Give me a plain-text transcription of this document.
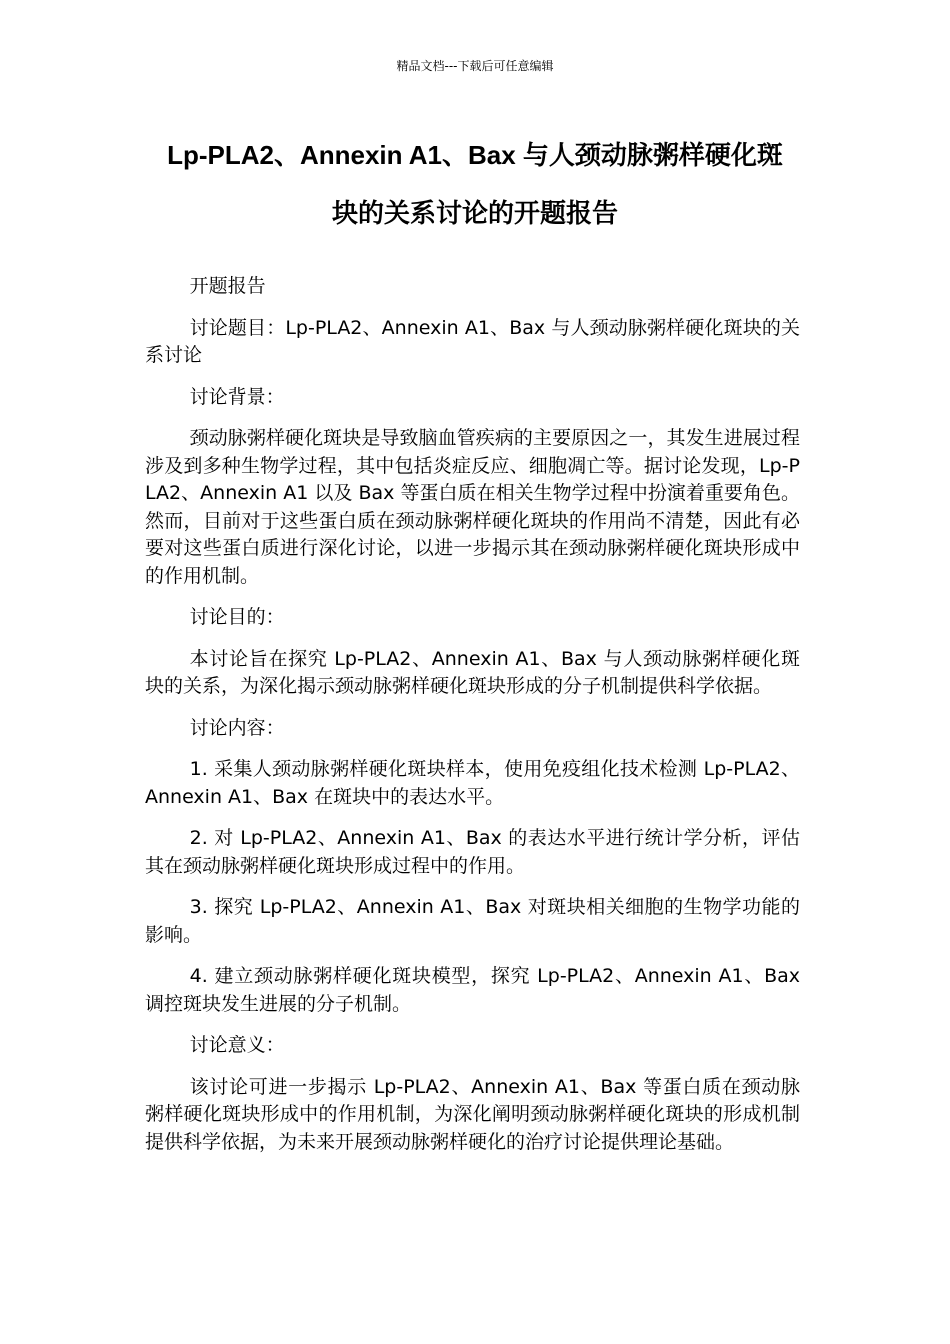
精品文档---下载后可任意编辑
Lp-PLA2、Annexin A1、Bax 与人颈动脉粥样硬化斑
块的关系讨论的开题报告

开题报告

讨论题目：Lp-PLA2、Annexin A1、Bax 与人颈动脉粥样硬化斑块的关系讨论

讨论背景：

颈动脉粥样硬化斑块是导致脑血管疾病的主要原因之一，其发生进展过程涉及到多种生物学过程，其中包括炎症反应、细胞凋亡等。据讨论发现，Lp-PLA2、Annexin A1 以及 Bax 等蛋白质在相关生物学过程中扮演着重要角色。然而，目前对于这些蛋白质在颈动脉粥样硬化斑块的作用尚不清楚，因此有必要对这些蛋白质进行深化讨论，以进一步揭示其在颈动脉粥样硬化斑块形成中的作用机制。

讨论目的：

本讨论旨在探究 Lp-PLA2、Annexin A1、Bax 与人颈动脉粥样硬化斑块的关系，为深化揭示颈动脉粥样硬化斑块形成的分子机制提供科学依据。

讨论内容：

1. 采集人颈动脉粥样硬化斑块样本，使用免疫组化技术检测 Lp-PLA2、Annexin A1、Bax 在斑块中的表达水平。

2. 对 Lp-PLA2、Annexin A1、Bax 的表达水平进行统计学分析，评估其在颈动脉粥样硬化斑块形成过程中的作用。

3. 探究 Lp-PLA2、Annexin A1、Bax 对斑块相关细胞的生物学功能的影响。

4. 建立颈动脉粥样硬化斑块模型，探究 Lp-PLA2、Annexin A1、Bax 调控斑块发生进展的分子机制。

讨论意义：

该讨论可进一步揭示 Lp-PLA2、Annexin A1、Bax 等蛋白质在颈动脉粥样硬化斑块形成中的作用机制，为深化阐明颈动脉粥样硬化斑块的形成机制提供科学依据，为未来开展颈动脉粥样硬化的治疗讨论提供理论基础。
